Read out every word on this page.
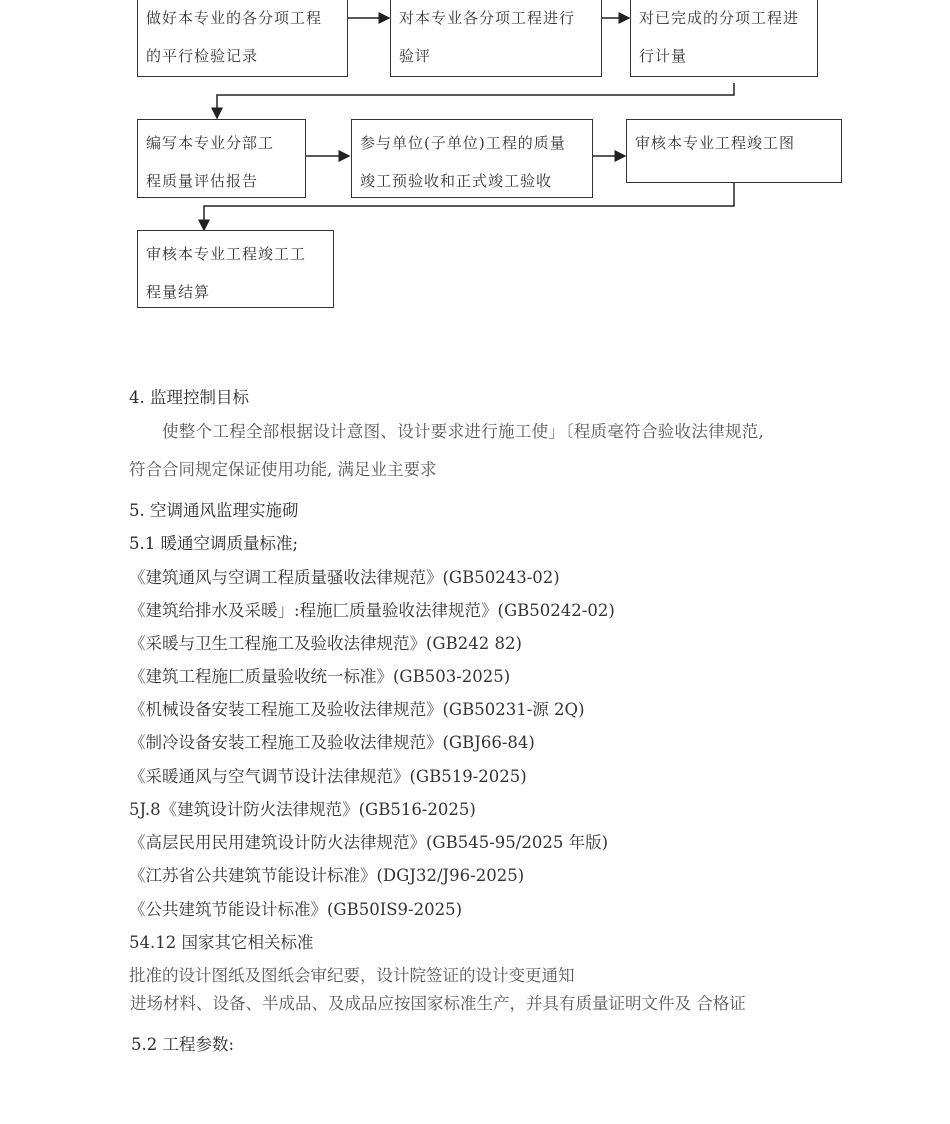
做好本专业的各分项工程

的平行检验记录

对本专业各分项工程进行

验评

对已完成的分项工程进

行计量

编写本专业分部工

程质量评估报告

参与单位(子单位)工程的质量

竣工预验收和正式竣工验收

审核本专业工程竣工图

审核本专业工程竣工工

程量结算

4. 监理控制目标
使整个工程全部根据设计意图、设计要求进行施工使」〔程质毫符合验收法律规范,
符合合同规定保证使用功能, 满足业主要求
5. 空调通风监理实施砌
5.1 暖通空调质量标准;
《建筑通风与空调工程质量骚收法律规范》(GB50243-02)
《建筑给排水及采暖」:程施匚质量验收法律规范》(GB50242-02)
《采暖与卫生工程施工及验收法律规范》(GB242 82)
《建筑工程施匚质量验收统一标准》(GB503-2025)
《机械设备安装工程施工及验收法律规范》(GB50231-源 2Q)
《制冷设备安装工程施工及验收法律规范》(GBJ66-84)
《采暖通风与空气调节设计法律规范》(GB519-2025)
5J.8《建筑设计防火法律规范》(GB516-2025)
《高层民用民用建筑设计防火法律规范》(GB545-95/2025 年版)
《江苏省公共建筑节能设计标准》(DGJ32/J96-2025)
《公共建筑节能设计标准》(GB50IS9-2025)
54.12 国家其它相关标准
批准的设计图纸及图纸会审纪要，设计院签证的设计变更通知
进场材料、设备、半成品、及成品应按国家标准生产，并具有质量证明文件及 合格证
5.2 工程参数:
